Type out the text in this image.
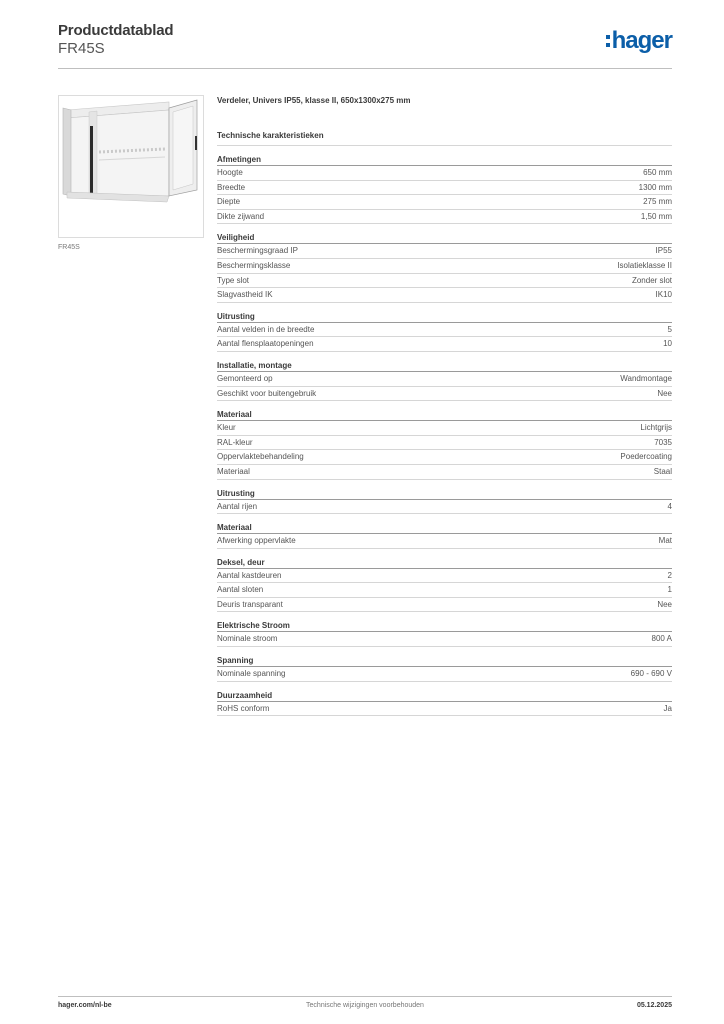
Productdatablad
FR45S	hager
FR45S
Verdeler, Univers IP55, klasse II, 650x1300x275 mm
Technische karakteristieken
Afmetingen
Hoogte	650 mm
Breedte	1300 mm
Diepte	275 mm
Dikte zijwand	1,50 mm
Veiligheid
Beschermingsgraad IP	IP55
Beschermingsklasse	Isolatieklasse II
Type slot	Zonder slot
Slagvastheid IK	IK10
Uitrusting
Aantal velden in de breedte	5
Aantal flensplaatopeningen	10
Installatie, montage
Gemonteerd op	Wandmontage
Geschikt voor buitengebruik	Nee
Materiaal
Kleur	Lichtgrijs
RAL-kleur	7035
Oppervlaktebehandeling	Poedercoating
Materiaal	Staal
Uitrusting
Aantal rijen	4
Materiaal
Afwerking oppervlakte	Mat
Deksel, deur
Aantal kastdeuren	2
Aantal sloten	1
Deuris transparant	Nee
Elektrische Stroom
Nominale stroom	800 A
Spanning
Nominale spanning	690 - 690 V
Duurzaamheid
RoHS conform	Ja
hager.com/nl-be	Technische wijzigingen voorbehouden	05.12.2025
